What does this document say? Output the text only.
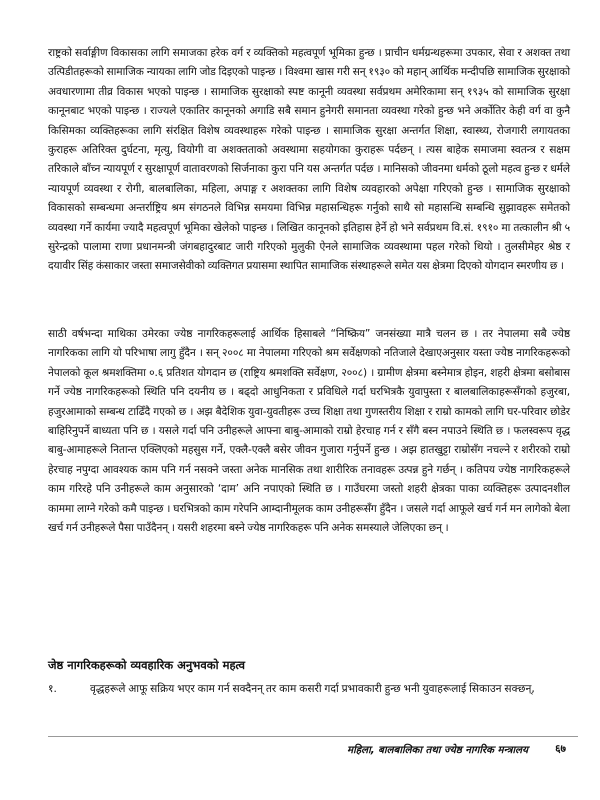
राष्ट्रको सर्वाङ्गीण विकासका लागि समाजका हरेक वर्ग र व्यक्तिको महत्वपूर्ण भूमिका हुन्छ । प्राचीन धर्मग्रन्थहरूमा उपकार, सेवा र अशक्त तथा उत्पिडीतहरूको सामाजिक न्यायका लागि जोड दिइएको पाइन्छ । विश्वमा खास गरी सन् १९३० को महान् आर्थिक मन्दीपछि सामाजिक सुरक्षाको अवधारणामा तीव्र विकास भएको पाइन्छ । सामाजिक सुरक्षाको स्पष्ट कानूनी व्यवस्था सर्वप्रथम अमेरिकामा सन् १९३५ को सामाजिक सुरक्षा कानूनबाट भएको पाइन्छ । राज्यले एकातिर कानूनको अगाडि सबै समान हुनेगरी समानता व्यवस्था गरेको हुन्छ भने अर्कोतिर केही वर्ग वा कुनै किसिमका व्यक्तिहरूका लागि संरक्षित विशेष व्यवस्थाहरू गरेको पाइन्छ । सामाजिक सुरक्षा अन्तर्गत शिक्षा, स्वास्थ्य, रोजगारी लगायतका कुराहरू अतिरिक्त दुर्घटना, मृत्यु, वियोगी वा अशक्तताको अवस्थामा सहयोगका कुराहरू पर्दछन् । त्यस बाहेक समाजमा स्वतन्त्र र सक्षम तरिकाले बाँच्न न्यायपूर्ण र सुरक्षापूर्ण वातावरणको सिर्जनाका कुरा पनि यस अन्तर्गत पर्दछ । मानिसको जीवनमा धर्मको ठूलो महत्व हुन्छ र धर्मले न्यायपूर्ण व्यवस्था र रोगी, बालबालिका, महिला, अपाङ्ग र अशक्तका लागि विशेष व्यवहारको अपेक्षा गरिएको हुन्छ । सामाजिक सुरक्षाको विकासको सम्बन्धमा अन्तर्राष्ट्रिय श्रम संगठनले विभिन्न समयमा विभिन्न महासन्धिहरू गर्नुको साथै सो महासन्धि सम्बन्धि सुझावहरू समेतको व्यवस्था गर्ने कार्यमा ज्यादै महत्वपूर्ण भूमिका खेलेको पाइन्छ । लिखित कानूनको इतिहास हेर्ने हो भने सर्वप्रथम वि.सं. १९१० मा तत्कालीन श्री ५ सुरेन्द्रको पालामा राणा प्रधानमन्त्री जंगबहादुरबाट जारी गरिएको मुलुकी ऐनले सामाजिक व्यवस्थामा पहल गरेको थियो । तुलसीमेहर श्रेष्ठ र दयावीर सिंह कंसाकार जस्ता समाजसेवीको व्यक्तिगत प्रयासमा स्थापित सामाजिक संस्थाहरूले समेत यस क्षेत्रमा दिएको योगदान स्मरणीय छ ।

साठी वर्षभन्दा माथिका उमेरका ज्येष्ठ नागरिकहरूलाई आर्थिक हिसाबले “निष्क्रिय” जनसंख्या मात्रै चलन छ । तर नेपालमा सबै ज्येष्ठ नागरिकका लागि यो परिभाषा लागु हुँदैन । सन् २००८ मा नेपालमा गरिएको श्रम सर्वेक्षणको नतिजाले देखाएअनुसार यस्ता ज्येष्ठ नागरिकहरूको नेपालको कूल श्रमशक्तिमा ०.६ प्रतिशत योगदान छ (राष्ट्रिय श्रमशक्ति सर्वेक्षण, २००८) । ग्रामीण क्षेत्रमा बस्नेमात्र होइन, शहरी क्षेत्रमा बसोबास गर्ने ज्येष्ठ नागरिकहरूको स्थिति पनि दयनीय छ । बढ्दो आधुनिकता र प्रविधिले गर्दा घरभित्रकै युवापुस्ता र बालबालिकाहरूसँगको हजुरबा, हजुरआमाको सम्बन्ध टाढिँदै गएको छ । अझ बैदेशिक युवा-युवतीहरू उच्च शिक्षा तथा गुणस्तरीय शिक्षा र राम्रो कामको लागि घर-परिवार छोडेर बाहिरिनुपर्ने बाध्यता पनि छ । यसले गर्दा पनि उनीहरूले आफ्ना बाबु-आमाको राम्रो हेरचाह गर्न र सँगै बस्न नपाउने स्थिति छ । फलस्वरूप वृद्ध बाबु-आमाहरूले नितान्त एक्लिएको महसुस गर्ने, एक्लै-एक्लै बसेर जीवन गुजारा गर्नुपर्ने हुन्छ । अझ हातखुट्टा राम्रोसँग नचल्ने र शरीरको राम्रो हेरचाह नपुग्दा आवश्यक काम पनि गर्न नसक्ने जस्ता अनेक मानसिक तथा शारीरिक तनावहरू उत्पन्न हुने गर्छन् । कतिपय ज्येष्ठ नागरिकहरूले काम गरिरहे पनि उनीहरूले काम अनुसारको ‘दाम’ अनि नपाएको स्थिति छ । गाउँघरमा जस्तो शहरी क्षेत्रका पाका व्यक्तिहरू उत्पादनशील काममा लाग्ने गरेको कमै पाइन्छ । घरभित्रको काम गरेपनि आम्दानीमूलक काम उनीहरूसँग हुँदैन । जसले गर्दा आफूले खर्च गर्न मन लागेको बेला खर्च गर्न उनीहरूले पैसा पाउँदैनन् । यसरी शहरमा बस्ने ज्येष्ठ नागरिकहरू पनि अनेक समस्याले जेलिएका छन् ।

जेष्ठ नागरिकहरूको व्यवहारिक अनुभवको महत्व
१.	वृद्धहरूले आफू सक्रिय भएर काम गर्न सक्दैनन् तर काम कसरी गर्दा प्रभावकारी हुन्छ भनी युवाहरूलाई सिकाउन सक्छन्,

महिला, बालबालिका तथा ज्येष्ठ नागरिक मन्त्रालय	६७
